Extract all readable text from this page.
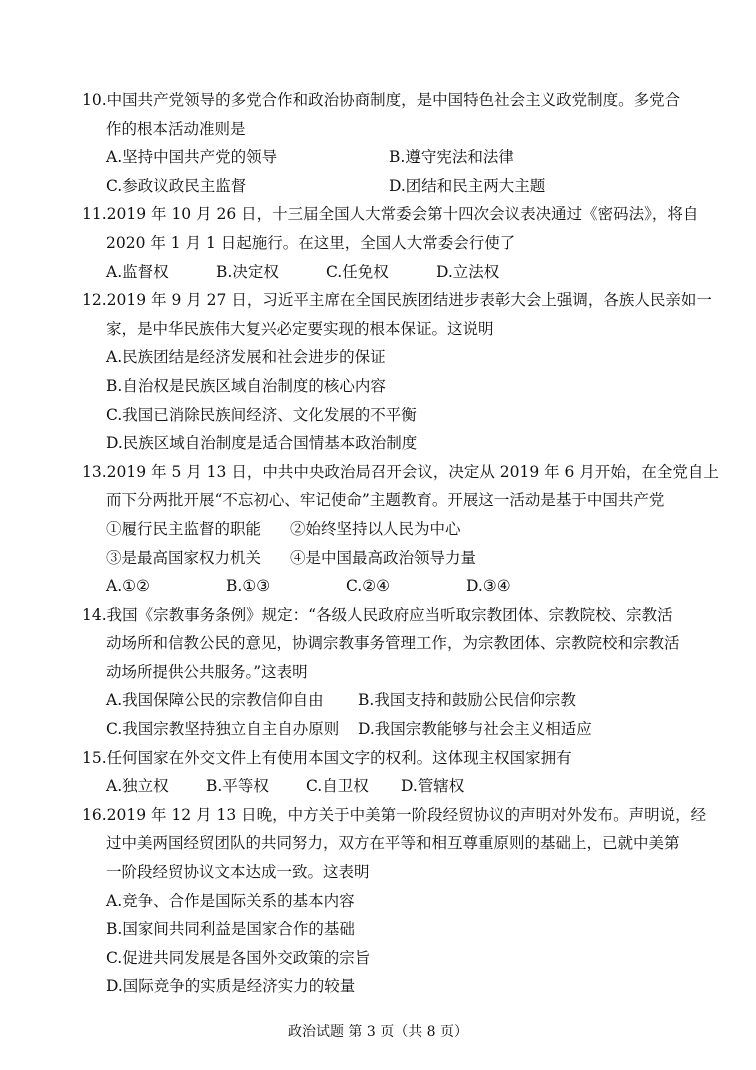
10.中国共产党领导的多党合作和政治协商制度，是中国特色社会主义政党制度。多党合
作的根本活动准则是
A.坚持中国共产党的领导	B.遵守宪法和法律
C.参政议政民主监督	D.团结和民主两大主题
11.2019 年 10 月 26 日，十三届全国人大常委会第十四次会议表决通过《密码法》，将自
2020 年 1 月 1 日起施行。在这里，全国人大常委会行使了
A.监督权	B.决定权	C.任免权	D.立法权
12.2019 年 9 月 27 日，习近平主席在全国民族团结进步表彰大会上强调，各族人民亲如一
家，是中华民族伟大复兴必定要实现的根本保证。这说明
A.民族团结是经济发展和社会进步的保证
B.自治权是民族区域自治制度的核心内容
C.我国已消除民族间经济、文化发展的不平衡
D.民族区域自治制度是适合国情基本政治制度
13.2019 年 5 月 13 日，中共中央政治局召开会议，决定从 2019 年 6 月开始，在全党自上
而下分两批开展“不忘初心、牢记使命”主题教育。开展这一活动是基于中国共产党
①履行民主监督的职能	②始终坚持以人民为中心
③是最高国家权力机关	④是中国最高政治领导力量
A.①②	B.①③	C.②④	D.③④
14.我国《宗教事务条例》规定：“各级人民政府应当听取宗教团体、宗教院校、宗教活
动场所和信教公民的意见，协调宗教事务管理工作，为宗教团体、宗教院校和宗教活
动场所提供公共服务。”这表明
A.我国保障公民的宗教信仰自由	B.我国支持和鼓励公民信仰宗教
C.我国宗教坚持独立自主自办原则	D.我国宗教能够与社会主义相适应
15.任何国家在外交文件上有使用本国文字的权利。这体现主权国家拥有
A.独立权	B.平等权	C.自卫权	D.管辖权
16.2019 年 12 月 13 日晚，中方关于中美第一阶段经贸协议的声明对外发布。声明说，经
过中美两国经贸团队的共同努力，双方在平等和相互尊重原则的基础上，已就中美第
一阶段经贸协议文本达成一致。这表明
A.竞争、合作是国际关系的基本内容
B.国家间共同利益是国家合作的基础
C.促进共同发展是各国外交政策的宗旨
D.国际竞争的实质是经济实力的较量
政治试题 第 3 页（共 8 页）
